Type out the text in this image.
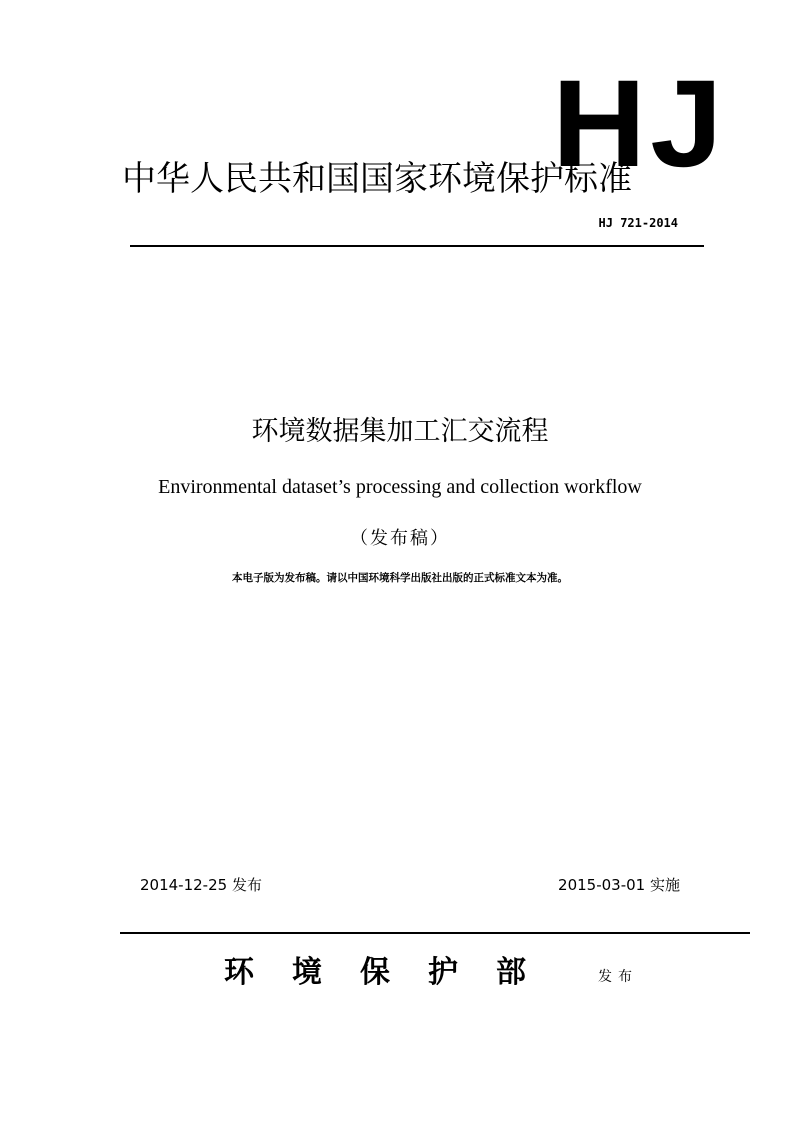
HJ
中华人民共和国国家环境保护标准
HJ 721-2014
环境数据集加工汇交流程
Environmental dataset’s processing and collection workflow
（发布稿）
本电子版为发布稿。请以中国环境科学出版社出版的正式标准文本为准。
2014-12-25 发布	2015-03-01 实施
环境保护部 发布
